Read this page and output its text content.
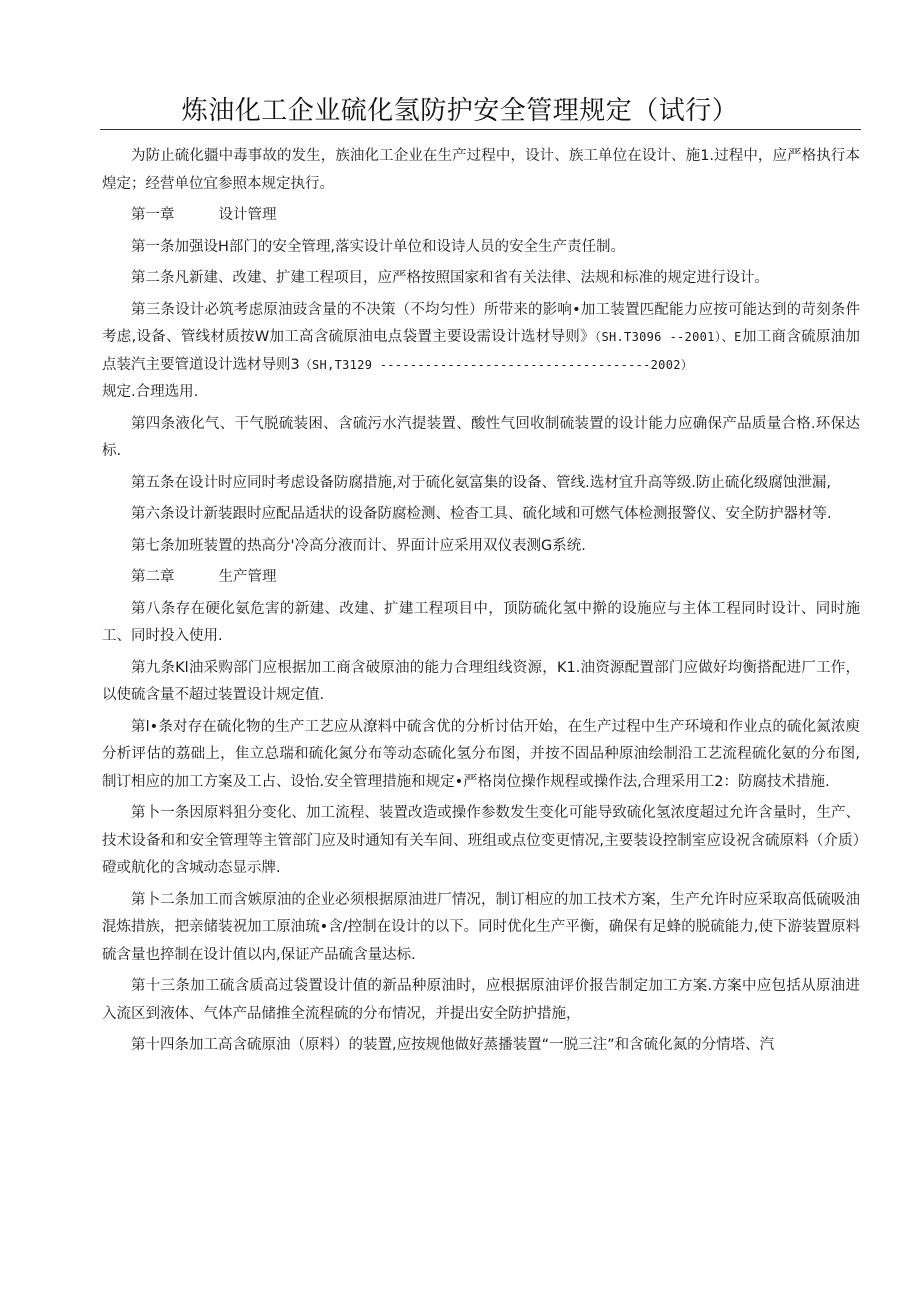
炼油化工企业硫化氢防护安全管理规定（试行）

为防止硫化疆中毒事故的发生，族油化工企业在生产过程中，设计、族工单位在设计、施1.过程中，应严格执行本煌定；经营单位宜参照本规定执行。

第一章	设计管理

第一条加强设H部门的安全管理,落实设计单位和设诗人员的安全生产责任制。

第二条凡新建、改建、扩建工程项目，应严格按照国家和省有关法律、法规和标准的规定进行设计。

第三条设计必筑考虑原油豉含量的不决策（不均匀性）所带来的影响•加工装置匹配能力应按可能达到的苛刻条件考虑,设备、管线材质按W加工高含硫原油电点袋置主要设需设计选材导则》（SH.T3096 --2001）、E加工商含硫原油加点装汽主要管道设计选材导则3（SH,T3129 ------------------------------------2002）
规定.合理选用.

第四条液化气、干气脱硫装困、含硫污水汽提装置、酸性气回收制硫装置的设计能力应确保产品质量合格.环保达标.

第五条在设计时应同时考虑设备防腐措施,对于硫化氨富集的设备、管线.选材宜升高等级.防止硫化级腐蚀泄漏,

第六条设计新装跟时应配品适状的设备防腐检测、检杳工具、硫化域和可燃气体检测报警仪、安全防护器材等.

第七条加班装置的热高分'冷高分液而计、界面计应采用双仪表测G系统.

第二章	生产管理

第八条存在硬化氨危害的新建、改建、扩建工程项目中，顶防硫化氢中擀的设施应与主体工程同时设计、同时施工、同时投入使用.

第九条Kl油采购部门应根据加工商含破原油的能力合理组线资源，K1.油资源配置部门应做好均衡搭配进厂工作，以使硫含量不超过装置设计规定值.

第l•条对存在硫化物的生产工艺应从潦料中硫含优的分析讨估开始，在生产过程中生产环境和作业点的硫化氮浓庾分析评估的荔础上，隹立总瑞和硫化氮分布等动态硫化氢分布图，并按不固品种原油绘制沿工艺流程硫化氨的分布图,制订相应的加工方案及工占、设怡.安全管理措施和规定•严格岗位操作规程或操作法,合理采用工2：防腐技术措施.

第卜一条因原料狙分变化、加工流程、装置改造或操作参数发生变化可能导致硫化氢浓度超过允许含量时，生产、技术设备和和安全管理等主管部门应及时通知有关车间、班组或点位变更情况,主要装设控制室应设祝含硫原料（介质）磴或航化的含城动态显示牌.

第卜二条加工而含嫉原油的企业必须根据原油进厂情况，制订相应的加工技术方案，生产允许时应采取高低硫吸油混炼措族，把亲储装祝加工原油琉•含/控制在设计的以下。同时优化生产平衡，确保有足蜂的脱硫能力,使下游装置原料硫含量也捽制在设计值以内,保证产品硫含量达标.

第十三条加工硫含质高过袋置设计值的新品种原油时，应根据原油评价报告制定加工方案.方案中应包括从原油进入流区到液体、气体产品储推全流程硫的分布情况，并提出安全防护措施，

第十四条加工高含硫原油（原料）的装置,应按规他做好蒸播装置“一脱三注”和含硫化氮的分情塔、汽
